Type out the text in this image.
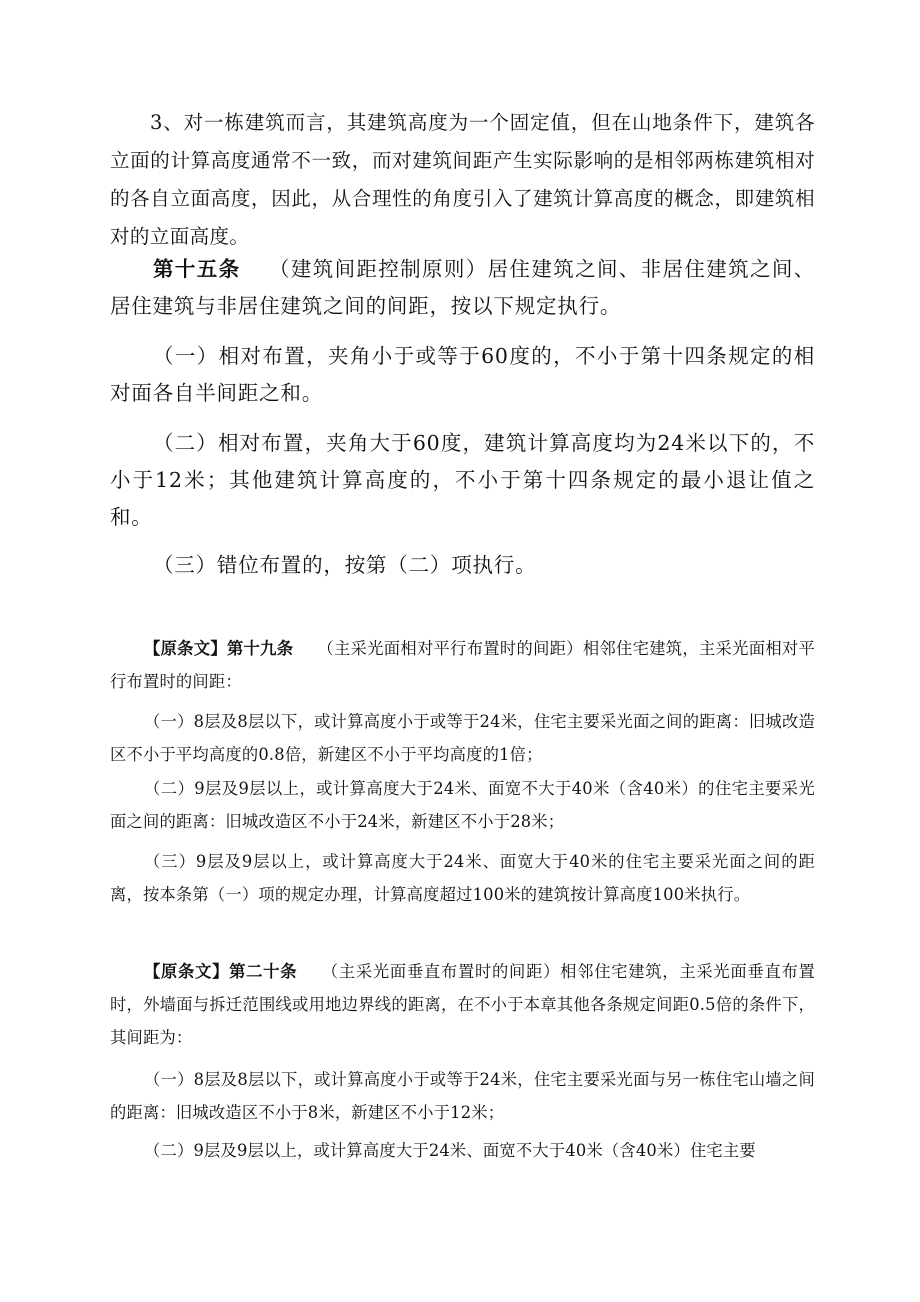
3、对一栋建筑而言，其建筑高度为一个固定值，但在山地条件下，建筑各立面的计算高度通常不一致，而对建筑间距产生实际影响的是相邻两栋建筑相对的各自立面高度，因此，从合理性的角度引入了建筑计算高度的概念，即建筑相对的立面高度。

第十五条 （建筑间距控制原则）居住建筑之间、非居住建筑之间、居住建筑与非居住建筑之间的间距，按以下规定执行。

（一）相对布置，夹角小于或等于60度的，不小于第十四条规定的相对面各自半间距之和。

（二）相对布置，夹角大于60度，建筑计算高度均为24米以下的，不小于12米；其他建筑计算高度的，不小于第十四条规定的最小退让值之和。

（三）错位布置的，按第（二）项执行。

【原条文】第十九条 （主采光面相对平行布置时的间距）相邻住宅建筑，主采光面相对平行布置时的间距：

（一）8层及8层以下，或计算高度小于或等于24米，住宅主要采光面之间的距离：旧城改造区不小于平均高度的0.8倍，新建区不小于平均高度的1倍；

（二）9层及9层以上，或计算高度大于24米、面宽不大于40米（含40米）的住宅主要采光面之间的距离：旧城改造区不小于24米，新建区不小于28米；

（三）9层及9层以上，或计算高度大于24米、面宽大于40米的住宅主要采光面之间的距离，按本条第（一）项的规定办理，计算高度超过100米的建筑按计算高度100米执行。

【原条文】第二十条 （主采光面垂直布置时的间距）相邻住宅建筑，主采光面垂直布置时，外墙面与拆迁范围线或用地边界线的距离，在不小于本章其他各条规定间距0.5倍的条件下，其间距为：

（一）8层及8层以下，或计算高度小于或等于24米，住宅主要采光面与另一栋住宅山墙之间的距离：旧城改造区不小于8米，新建区不小于12米；

（二）9层及9层以上，或计算高度大于24米、面宽不大于40米（含40米）住宅主要
